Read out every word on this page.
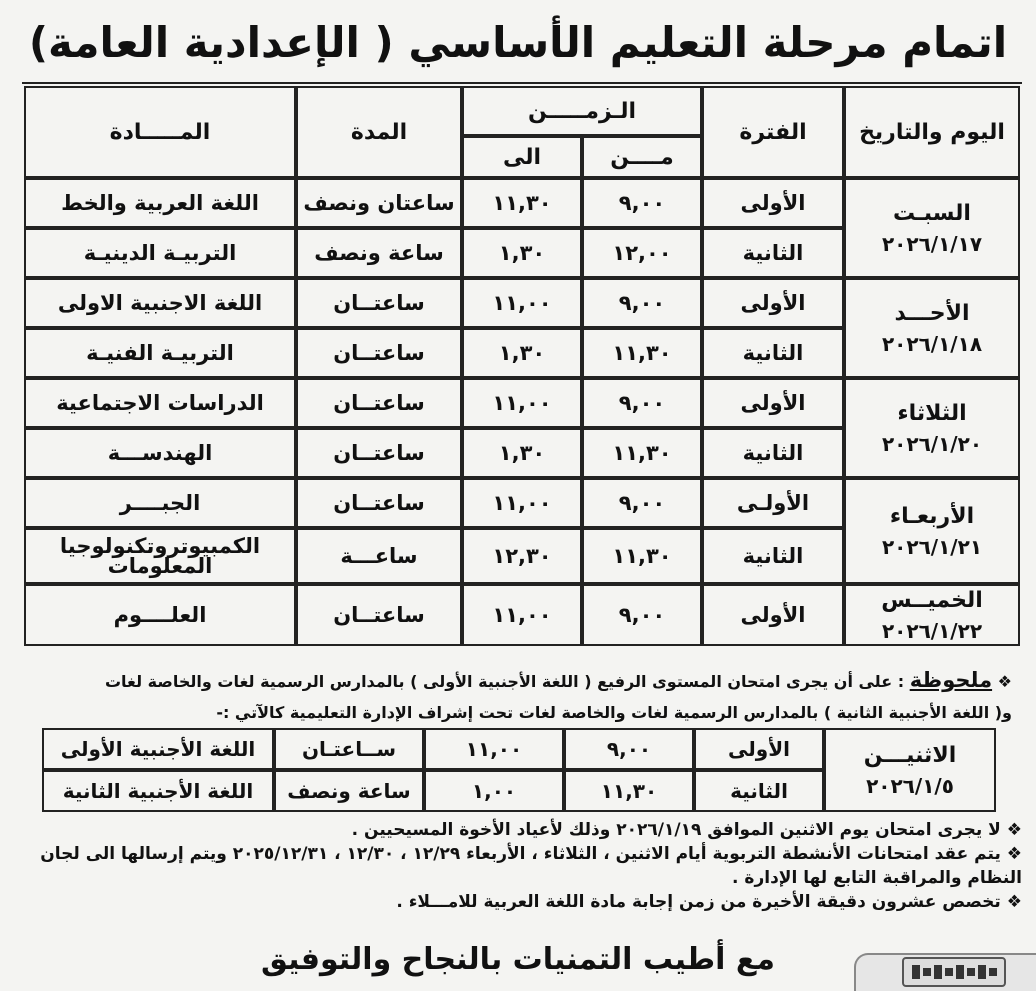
اتمام مرحلة التعليم الأساسي ( الإعدادية العامة)
اليوم والتاريخ	الفترة	الـزمـــــن		المدة	المـــــادة
		مــــن	الى		

السبـت
٢٠٢٦/١/١٧	الأولى	٩,٠٠	١١,٣٠	ساعتان ونصف	اللغة العربية والخط
	الثانية	١٢,٠٠	١,٣٠	ساعة ونصف	التربيـة الدينيـة

الأحـــد
٢٠٢٦/١/١٨	الأولى	٩,٠٠	١١,٠٠	ساعتــان	اللغة الاجنبية الاولى
	الثانية	١١,٣٠	١,٣٠	ساعتــان	التربيـة الفنيـة

الثلاثاء
٢٠٢٦/١/٢٠	الأولى	٩,٠٠	١١,٠٠	ساعتــان	الدراسات الاجتماعية
	الثانية	١١,٣٠	١,٣٠	ساعتــان	الهندســـة

الأربعـاء
٢٠٢٦/١/٢١	الأولـى	٩,٠٠	١١,٠٠	ساعتــان	الجبــــر
	الثانية	١١,٣٠	١٢,٣٠	ساعـــة	الكمبيوتروتكنولوجيا المعلومات

الخميــس
٢٠٢٦/١/٢٢	الأولى	٩,٠٠	١١,٠٠	ساعتــان	العلــــوم
❖ ملحوظة : على أن يجرى امتحان المستوى الرفيع ( اللغة الأجنبية الأولى ) بالمدارس الرسمية لغات والخاصة لغات
و( اللغة الأجنبية الثانية ) بالمدارس الرسمية لغات والخاصة لغات تحت إشراف الإدارة التعليمية كالآتي :-
الاثنيـــن
٢٠٢٦/١/٥	الأولى	٩,٠٠	١١,٠٠	ســاعتـان	اللغة الأجنبية الأولى
	الثانية	١١,٣٠	١,٠٠	ساعة ونصف	اللغة الأجنبية الثانية

❖ لا يجرى امتحان يوم الاثنين الموافق ٢٠٢٦/١/١٩ وذلك لأعياد الأخوة المسيحيين .

❖ يتم عقد امتحانات الأنشطة التربوية أيام الاثنين ، الثلاثاء ، الأربعاء ١٢/٢٩ ، ١٢/٣٠ ، ٢٠٢٥/١٢/٣١ ويتم إرسالها الى لجان النظام والمراقبة التابع لها الإدارة .

❖ تخصص عشرون دقيقة الأخيرة من زمن إجابة مادة اللغة العربية للامـــلاء .

مع أطيب التمنيات بالنجاح والتوفيق
